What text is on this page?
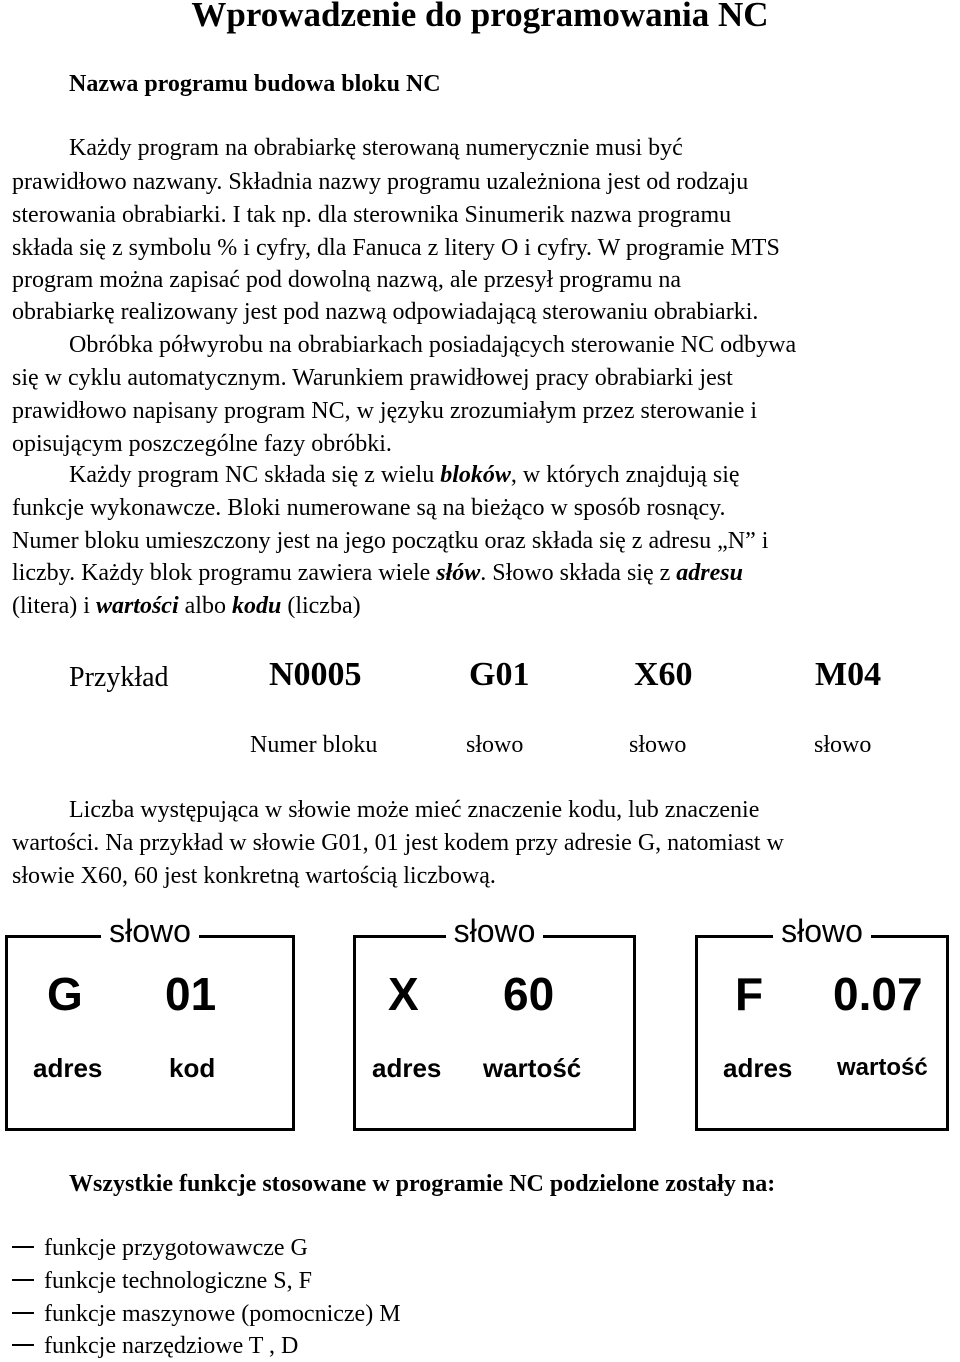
Wprowadzenie do programowania NC
Nazwa programu budowa bloku NC
Każdy program na obrabiarkę sterowaną numerycznie musi być
prawidłowo nazwany. Składnia nazwy programu uzależniona jest od rodzaju
sterowania obrabiarki. I tak np. dla sterownika Sinumerik nazwa programu
składa się z symbolu % i cyfry, dla Fanuca z litery O i cyfry. W programie MTS
program można zapisać pod dowolną nazwą, ale przesył programu na
obrabiarkę realizowany jest pod nazwą odpowiadającą sterowaniu obrabiarki.
Obróbka półwyrobu na obrabiarkach posiadających sterowanie NC odbywa
się w cyklu automatycznym. Warunkiem prawidłowej pracy obrabiarki jest
prawidłowo napisany program NC, w języku zrozumiałym przez sterowanie i
opisującym poszczególne fazy obróbki.
Każdy program NC składa się z wielu bloków, w których znajdują się
funkcje wykonawcze. Bloki numerowane są na bieżąco w sposób rosnący.
Numer bloku umieszczony jest na jego początku oraz składa się z adresu „N” i
liczby. Każdy blok programu zawiera wiele słów. Słowo składa się z adresu
(litera) i wartości albo kodu (liczba)
Przykład	N0005	G01	X60	M04
Numer bloku	słowo	słowo	słowo
Liczba występująca w słowie może mieć znaczenie kodu, lub znaczenie
wartości. Na przykład w słowie G01, 01 jest kodem przy adresie G, natomiast w
słowie X60, 60 jest konkretną wartością liczbową.
słowo
G 01
adres	kod
słowo
X 60
adres wartość
słowo
F 0.07
adres wartość
Wszystkie funkcje stosowane w programie NC podzielone zostały na:
funkcje przygotowawcze G
funkcje technologiczne S, F
funkcje maszynowe (pomocnicze) M
funkcje narzędziowe T , D
